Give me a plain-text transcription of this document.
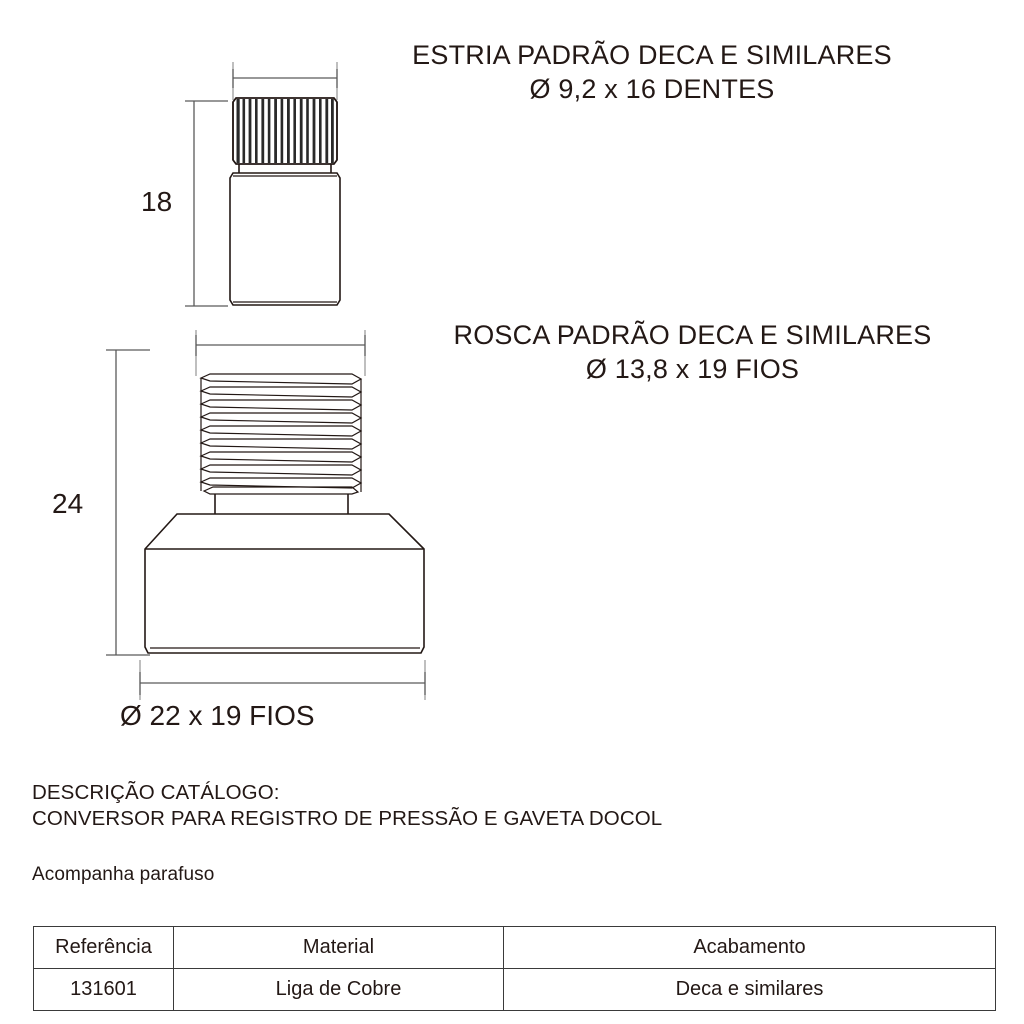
ESTRIA PADRÃO DECA E SIMILARES
Ø 9,2 x 16 DENTES
ROSCA PADRÃO DECA E SIMILARES
Ø 13,8 x 19 FIOS
18
24
Ø 22 x 19 FIOS
DESCRIÇÃO CATÁLOGO:
CONVERSOR PARA REGISTRO DE PRESSÃO E GAVETA DOCOL
Acompanha parafuso
Referência	Material	Acabamento
131601	Liga de Cobre	Deca e similares
